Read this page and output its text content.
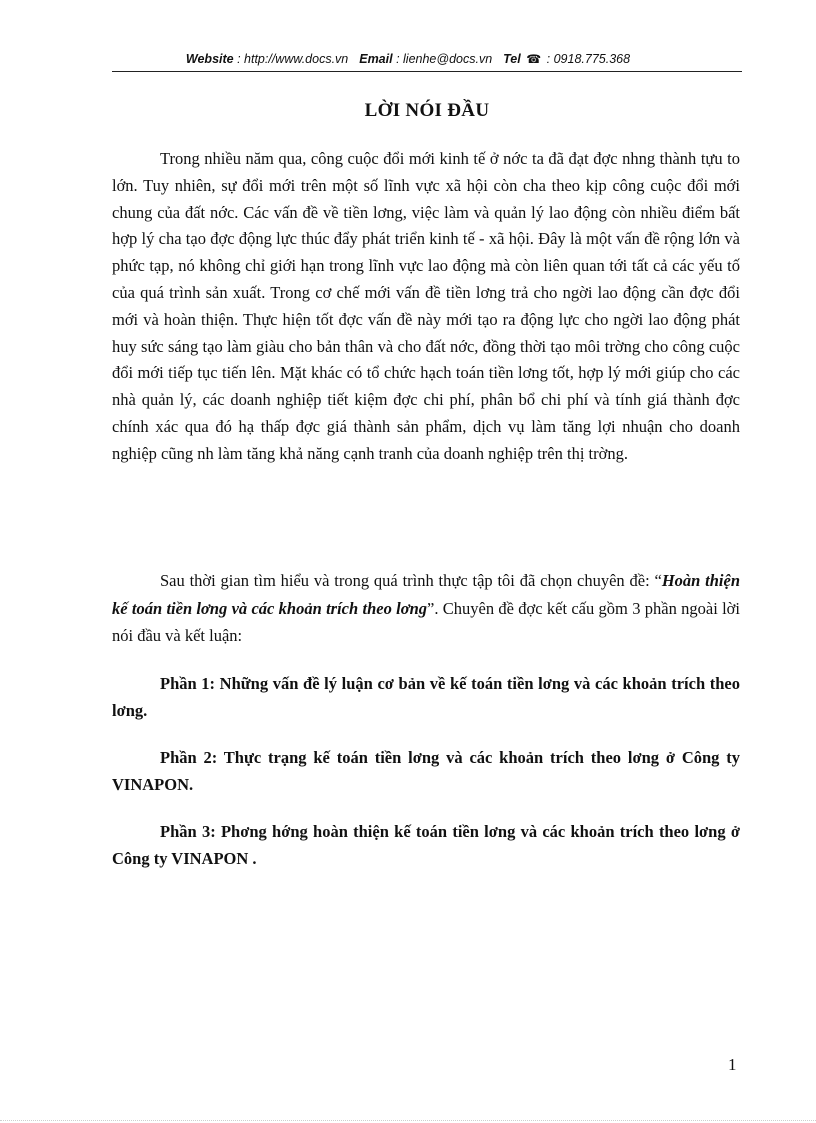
Website : http://www.docs.vn Email : lienhe@docs.vn Tel ☎ : 0918.775.368
LỜI NÓI ĐẦU

Trong nhiều năm qua, công cuộc đổi mới kinh tế ở nớc ta đã đạt đợc nhng thành tựu to lớn. Tuy nhiên, sự đổi mới trên một số lĩnh vực xã hội còn cha theo kịp công cuộc đổi mới chung của đất nớc. Các vấn đề về tiền lơng, việc làm và quản lý lao động còn nhiều điểm bất hợp lý cha tạo đợc động lực thúc đẩy phát triển kinh tế - xã hội. Đây là một vấn đề rộng lớn và phức tạp, nó không chỉ giới hạn trong lĩnh vực lao động mà còn liên quan tới tất cả các yếu tố của quá trình sản xuất. Trong cơ chế mới vấn đề tiền lơng trả cho ngời lao động cần đợc đổi mới và hoàn thiện. Thực hiện tốt đợc vấn đề này mới tạo ra động lực cho ngời lao động phát huy sức sáng tạo làm giàu cho bản thân và cho đất nớc, đồng thời tạo môi trờng cho công cuộc đổi mới tiếp tục tiến lên. Mặt khác có tổ chức hạch toán tiền lơng tốt, hợp lý mới giúp cho các nhà quản lý, các doanh nghiệp tiết kiệm đợc chi phí, phân bổ chi phí và tính giá thành đợc chính xác qua đó hạ thấp đợc giá thành sản phẩm, dịch vụ làm tăng lợi nhuận cho doanh nghiệp cũng nh làm tăng khả năng cạnh tranh của doanh nghiệp trên thị trờng.

Sau thời gian tìm hiểu và trong quá trình thực tập tôi đã chọn chuyên đề: “Hoàn thiện kế toán tiền lơng và các khoản trích theo lơng”. Chuyên đề đợc kết cấu gồm 3 phần ngoài lời nói đầu và kết luận:

Phần 1: Những vấn đề lý luận cơ bản về kế toán tiền lơng và các khoản trích theo lơng.

Phần 2: Thực trạng kế toán tiền lơng và các khoản trích theo lơng ở Công ty VINAPON.

Phần 3: Phơng hớng hoàn thiện kế toán tiền lơng và các khoản trích theo lơng ở Công ty VINAPON .

1
